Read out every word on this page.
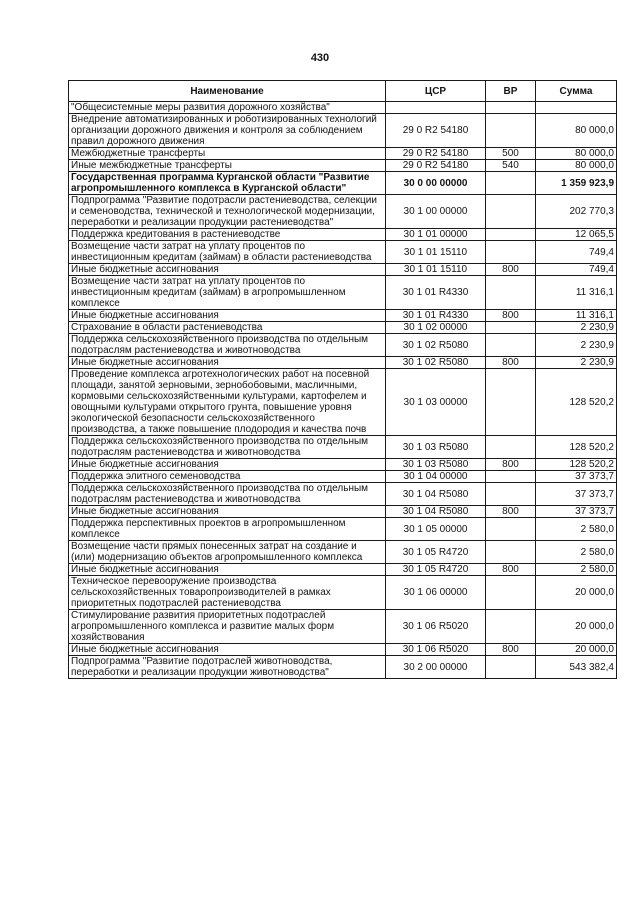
430
Наименование	ЦСР	ВР	Сумма
"Общесистемные меры развития дорожного хозяйства"			
Внедрение автоматизированных и роботизированных технологий организации дорожного движения и контроля за соблюдением правил дорожного движения	29 0 R2 54180		80 000,0
Межбюджетные трансферты	29 0 R2 54180	500	80 000,0
Иные межбюджетные трансферты	29 0 R2 54180	540	80 000,0
Государственная программа Курганской области "Развитие агропромышленного комплекса в Курганской области"	30 0 00 00000		1 359 923,9
Подпрограмма "Развитие подотрасли растениеводства, селекции и семеноводства, технической и технологической модернизации, переработки и реализации продукции растениеводства"	30 1 00 00000		202 770,3
Поддержка кредитования в растениеводстве	30 1 01 00000		12 065,5
Возмещение части затрат на уплату процентов по инвестиционным кредитам (займам) в области растениеводства	30 1 01 15110		749,4
Иные бюджетные ассигнования	30 1 01 15110	800	749,4
Возмещение части затрат на уплату процентов по инвестиционным кредитам (займам) в агропромышленном комплексе	30 1 01 R4330		11 316,1
Иные бюджетные ассигнования	30 1 01 R4330	800	11 316,1
Страхование в области растениеводства	30 1 02 00000		2 230,9
Поддержка сельскохозяйственного производства по отдельным подотраслям растениеводства и животноводства	30 1 02 R5080		2 230,9
Иные бюджетные ассигнования	30 1 02 R5080	800	2 230,9
Проведение комплекса агротехнологических работ на посевной площади, занятой зерновыми, зернобобовыми, масличными, кормовыми сельскохозяйственными культурами, картофелем и овощными культурами открытого грунта, повышение уровня экологической безопасности сельскохозяйственного производства, а также повышение плодородия и качества почв	30 1 03 00000		128 520,2
Поддержка сельскохозяйственного производства по отдельным подотраслям растениеводства и животноводства	30 1 03 R5080		128 520,2
Иные бюджетные ассигнования	30 1 03 R5080	800	128 520,2
Поддержка элитного семеноводства	30 1 04 00000		37 373,7
Поддержка сельскохозяйственного производства по отдельным подотраслям растениеводства и животноводства	30 1 04 R5080		37 373,7
Иные бюджетные ассигнования	30 1 04 R5080	800	37 373,7
Поддержка перспективных проектов в агропромышленном комплексе	30 1 05 00000		2 580,0
Возмещение части прямых понесенных затрат на создание и (или) модернизацию объектов агропромышленного комплекса	30 1 05 R4720		2 580,0
Иные бюджетные ассигнования	30 1 05 R4720	800	2 580,0
Техническое перевооружение производства сельскохозяйственных товаропроизводителей в рамках приоритетных подотраслей растениеводства	30 1 06 00000		20 000,0
Стимулирование развития приоритетных подотраслей агропромышленного комплекса и развитие малых форм хозяйствования	30 1 06 R5020		20 000,0
Иные бюджетные ассигнования	30 1 06 R5020	800	20 000,0
Подпрограмма "Развитие подотраслей животноводства, переработки и реализации продукции животноводства"	30 2 00 00000		543 382,4
